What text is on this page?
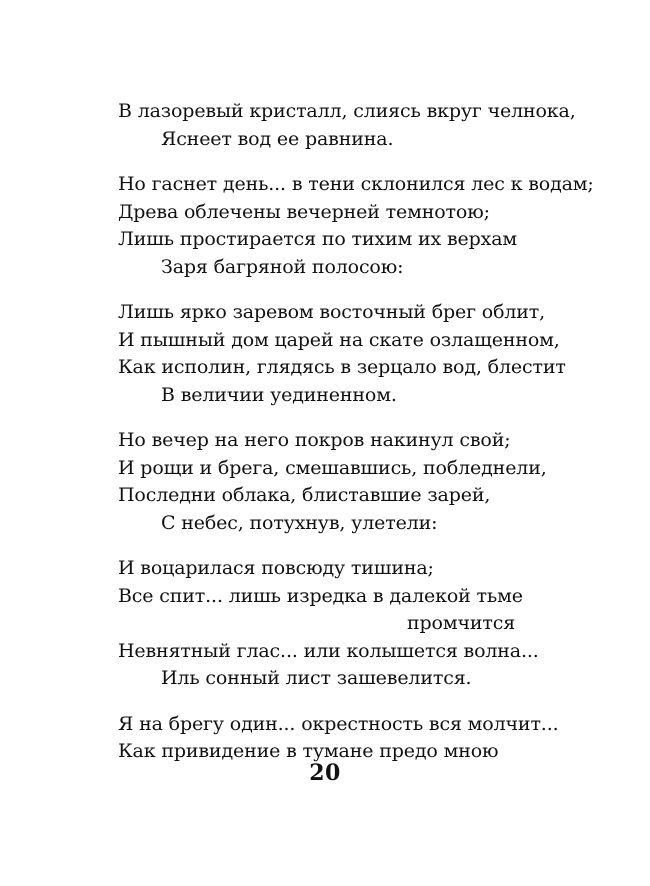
В лазоревый кристалл, слиясь вкруг челнока,
Яснеет вод ее равнина.
Но гаснет день... в тени склонился лес к водам;
Древа облечены вечерней темнотою;
Лишь простирается по тихим их верхам
Заря багряной полосою:
Лишь ярко заревом восточный брег облит,
И пышный дом царей на скате озлащенном,
Как исполин, глядясь в зерцало вод, блестит
В величии уединенном.
Но вечер на него покров накинул свой;
И рощи и брега, смешавшись, побледнели,
Последни облака, блиставшие зарей,
С небес, потухнув, улетели:
И воцарилася повсюду тишина;
Все спит... лишь изредка в далекой тьме
промчится
Невнятный глас... или колышется волна...
Иль сонный лист зашевелится.
Я на брегу один... окрестность вся молчит...
Как привидение в тумане предо мною
20
